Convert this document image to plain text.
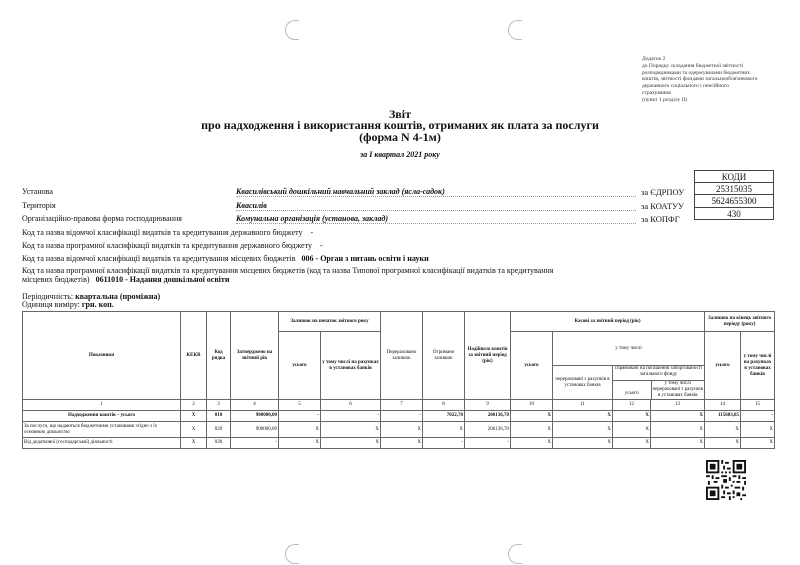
Додаток 2
до Порядку складання бюджетної звітності
розпорядниками та одержувачами бюджетних
коштів, звітності фондами загальнообов'язкового
державного соціального і пенсійного
страхування
(пункт 1 розділу II)
Звіт
про надходження і використання коштів, отриманих як плата за послуги
(форма N 4-1м)
за I квартал 2021 року
КОДИ
25315035
5624655300
430
Установа	Квасилівський дошкільний навчальний заклад (ясла-садок)	за ЄДРПОУ
Територія	Квасилів	за КОАТУУ
Організаційно-правова форма господарювання	Комунальна організація (установа, заклад)	за КОПФГ
Код та назва відомчої класифікації видатків та кредитування державного бюджету -
Код та назва програмної класифікації видатків та кредитування державного бюджету -
Код та назва відомчої класифікації видатків та кредитування місцевих бюджетів 006 - Орган з питань освіти і науки
Код та назва програмної класифікації видатків та кредитування місцевих бюджетів (код та назва Типової програмної класифікації видатків та кредитування
місцевих бюджетів) 0611010 - Надання дошкільної освіти
Періодичність: квартальна (проміжна)
Одиниця виміру: грн. коп.
Показники	КЕКВ	Код рядка	Затверджено на звітний рік	Залишок на початок звітного року		Перераховано залишок	Отримано залишок	Надійшло коштів за звітний період (рік)	Касові за звітний період (рік)				Залишок на кінець звітного періоду (року)	
				усього	у тому числі на рахунках в установах банків				усього	у тому числі			усього	у тому числі на рахунках в установах банків
										перераховані з рахунків в установах банків	спрямовані на погашення заборгованості загального фонду
усього
у тому числі перераховані з рахунків в установах банків			

1	2	3	4	5	6	7	8	9	10	11	12	13	14	15
Надходження коштів – усього	X	010	900000,00	-	-	-	7022,70	206136,70	X	X	X	X	115603,85	-
За послуги, що надаються бюджетними установами згідно з їх основною діяльністю	X	020	900000,00	X	X	X	X	206136,70	X	X	X	X	X	X
Від додаткової (господарської) діяльності	X	030	-	X	X	X	-	-	X	X	X	X	X	X
